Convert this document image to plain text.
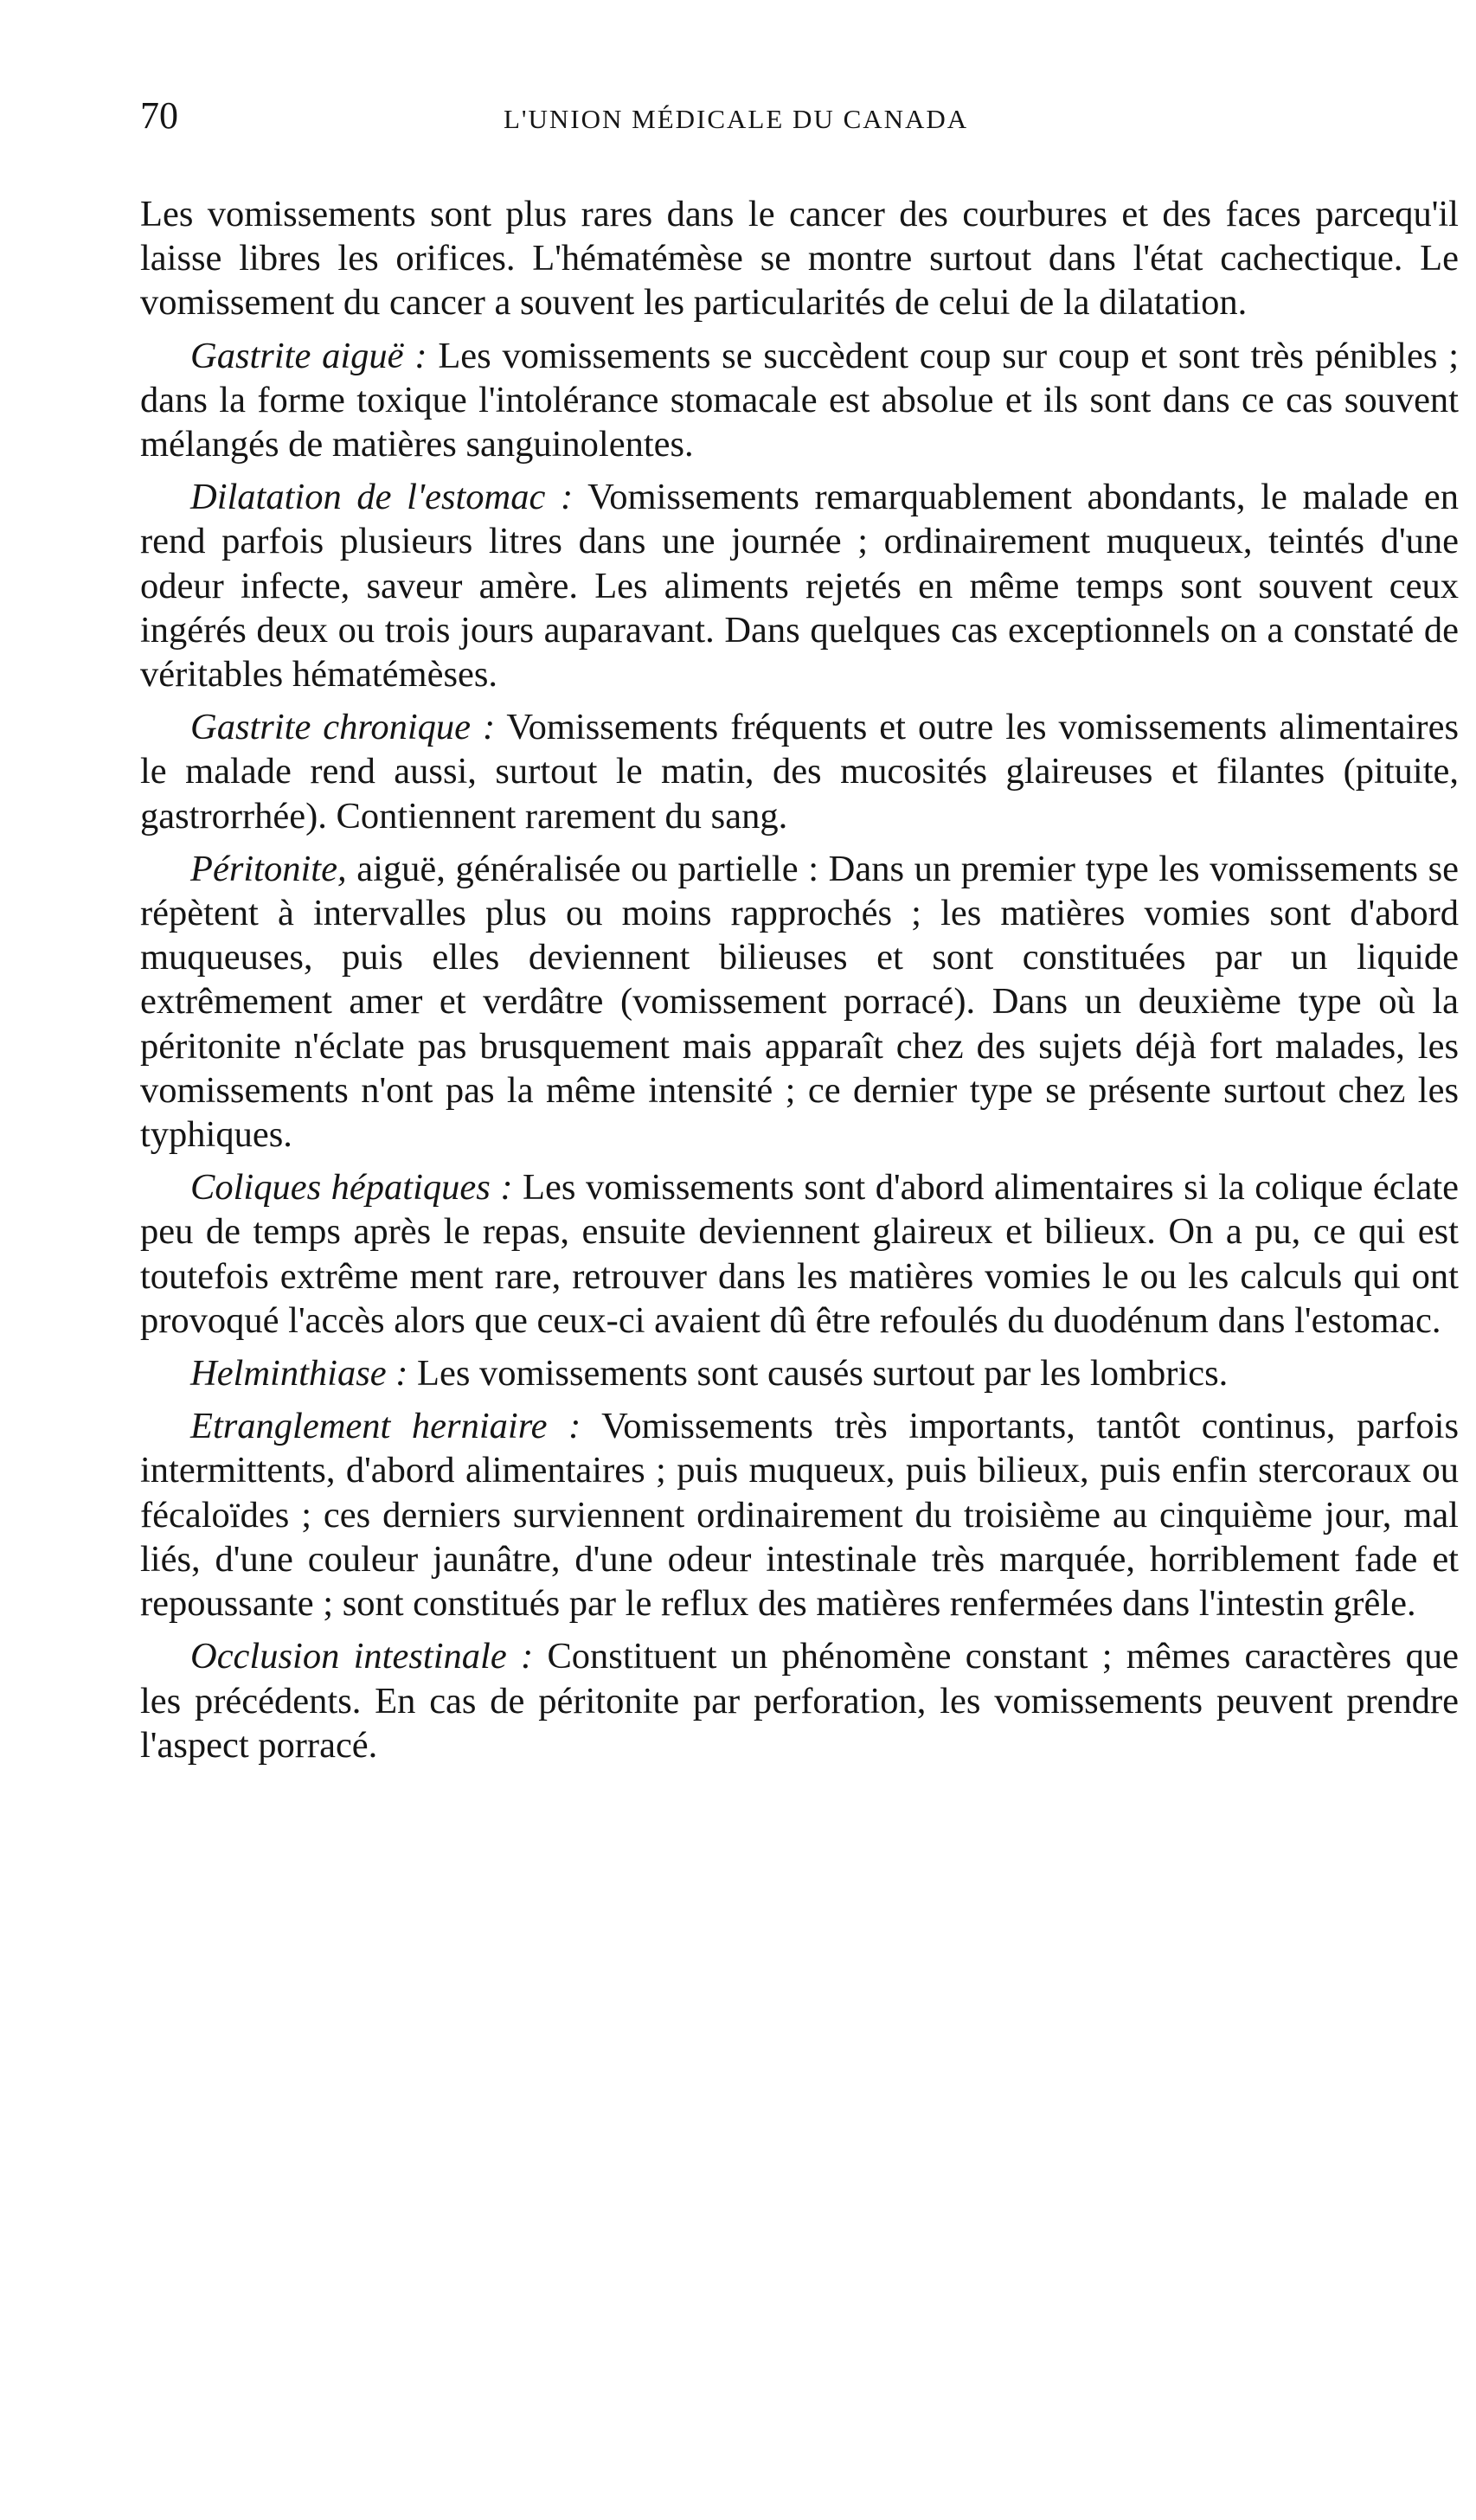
70	L'UNION MÉDICALE DU CANADA

Les vomissements sont plus rares dans le cancer des courbures et des faces parcequ'il laisse libres les orifices. L'hématémèse se montre surtout dans l'état cachectique. Le vomissement du cancer a souvent les particularités de celui de la dilatation.

Gastrite aiguë : Les vomissements se succèdent coup sur coup et sont très pénibles ; dans la forme toxique l'intolérance stomacale est absolue et ils sont dans ce cas souvent mélangés de matières sanguinolentes.

Dilatation de l'estomac : Vomissements remarquablement abondants, le malade en rend parfois plusieurs litres dans une journée ; ordinairement muqueux, teintés d'une odeur infecte, saveur amère. Les aliments rejetés en même temps sont souvent ceux ingérés deux ou trois jours auparavant. Dans quelques cas exceptionnels on a constaté de véritables hématémèses.

Gastrite chronique : Vomissements fréquents et outre les vomissements alimentaires le malade rend aussi, surtout le matin, des mucosités glaireuses et filantes (pituite, gastrorrhée). Contiennent rarement du sang.

Péritonite, aiguë, généralisée ou partielle : Dans un premier type les vomissements se répètent à intervalles plus ou moins rapprochés ; les matières vomies sont d'abord muqueuses, puis elles deviennent bilieuses et sont constituées par un liquide extrêmement amer et verdâtre (vomissement porracé). Dans un deuxième type où la péritonite n'éclate pas brusquement mais apparaît chez des sujets déjà fort malades, les vomissements n'ont pas la même intensité ; ce dernier type se présente surtout chez les typhiques.

Coliques hépatiques : Les vomissements sont d'abord alimentaires si la colique éclate peu de temps après le repas, ensuite deviennent glaireux et bilieux. On a pu, ce qui est toutefois extrême ment rare, retrouver dans les matières vomies le ou les calculs qui ont provoqué l'accès alors que ceux-ci avaient dû être refoulés du duodénum dans l'estomac.

Helminthiase : Les vomissements sont causés surtout par les lombrics.

Etranglement herniaire : Vomissements très importants, tantôt continus, parfois intermittents, d'abord alimentaires ; puis muqueux, puis bilieux, puis enfin stercoraux ou fécaloïdes ; ces derniers surviennent ordinairement du troisième au cinquième jour, mal liés, d'une couleur jaunâtre, d'une odeur intestinale très marquée, horriblement fade et repoussante ; sont constitués par le reflux des matières renfermées dans l'intestin grêle.

Occlusion intestinale : Constituent un phénomène constant ; mêmes caractères que les précédents. En cas de péritonite par perforation, les vomissements peuvent prendre l'aspect porracé.
